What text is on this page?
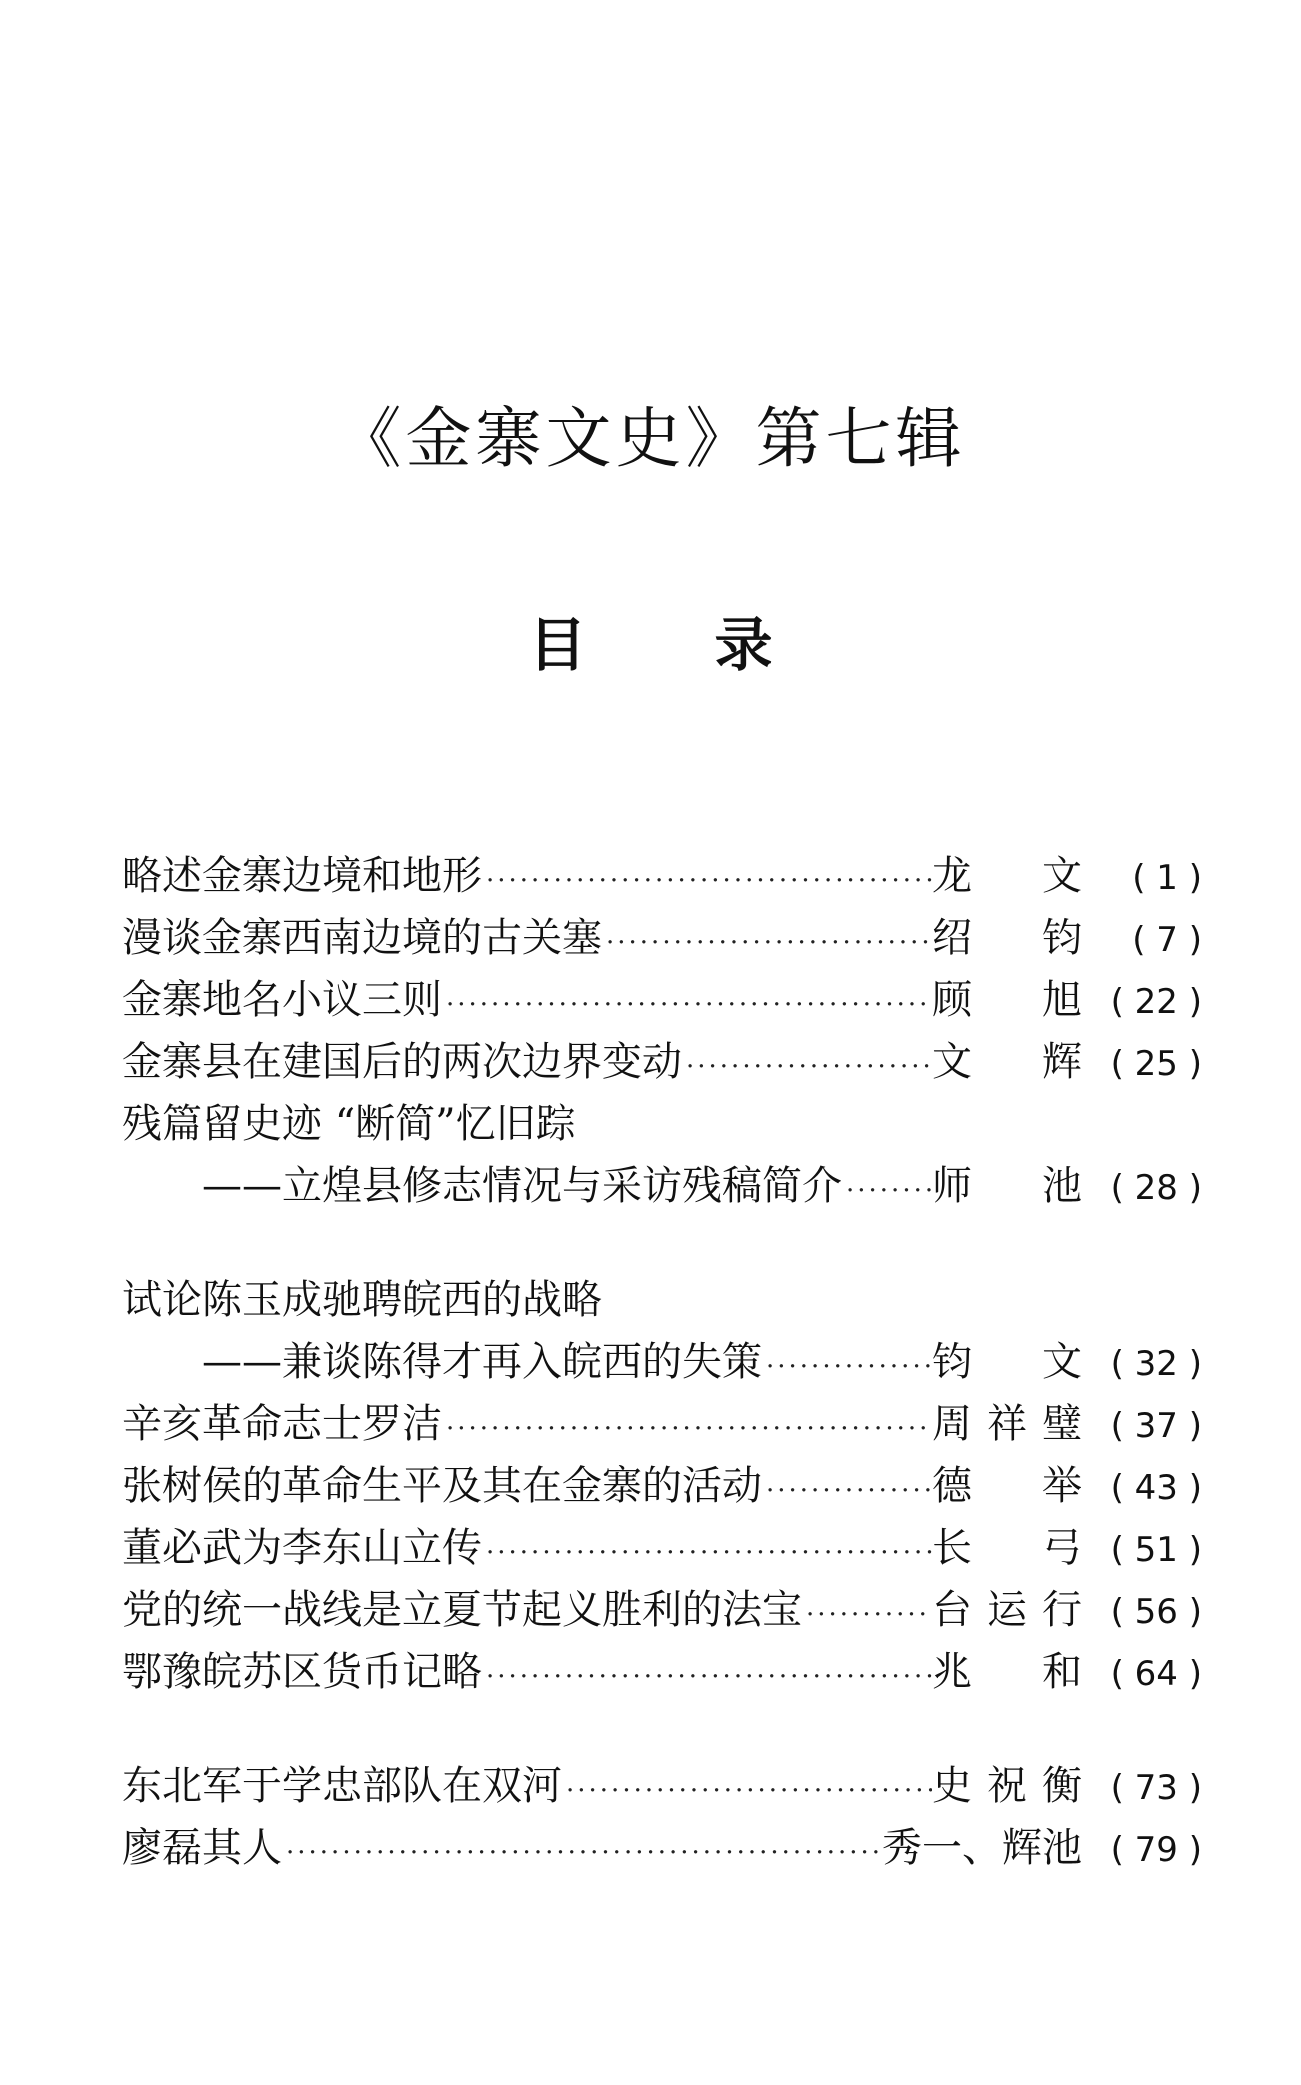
《金寨文史》第七辑
目录
略述金寨边境和地形 ·····	龙 文	( 1 )
漫谈金寨西南边境的古关塞 ·····	绍 钧	( 7 )
金寨地名小议三则 ·····	顾 旭 ( 22 )
金寨县在建国后的两次边界变动 ·····	文 辉 ( 25 )
残篇留史迹 “断简”忆旧踪
——立煌县修志情况与采访残稿简介 ····· 师 池 ( 28 )
试论陈玉成驰聘皖西的战略
——兼谈陈得才再入皖西的失策 ·····	钧 文 ( 32 )
辛亥革命志士罗洁 ·····	周祥璧 ( 37 )
张树侯的革命生平及其在金寨的活动 ·····	德 举 ( 43 )
董必武为李东山立传 ·····	长 弓 ( 51 )
党的统一战线是立夏节起义胜利的法宝 ·····	台运行 ( 56 )
鄂豫皖苏区货币记略 ·····	兆 和 ( 64 )
东北军于学忠部队在双河 ·····	史祝衡 ( 73 )
廖磊其人 ·····	秀一、辉池 ( 79 )
